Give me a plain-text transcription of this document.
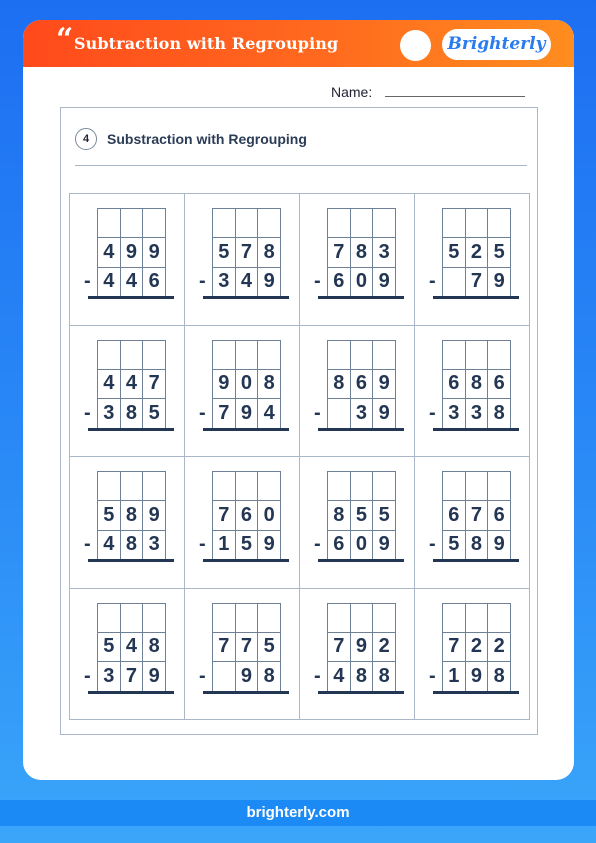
“ Subtraction with Regrouping	Brighterly
Name:
4	Substraction with Regrouping
4 9 9
4 4 6
-
5 7 8
3 4 9
-
7 8 3
6 0 9
-
5 2 5
7 9
-
4 4 7
3 8 5
-
9 0 8
7 9 4
-
8 6 9
3 9
-
6 8 6
3 3 8
-
5 8 9
4 8 3
-
7 6 0
1 5 9
-
8 5 5
6 0 9
-
6 7 6
5 8 9
-
5 4 8
3 7 9
-
7 7 5
9 8
-
7 9 2
4 8 8
-
7 2 2
1 9 8
-
brighterly.com
